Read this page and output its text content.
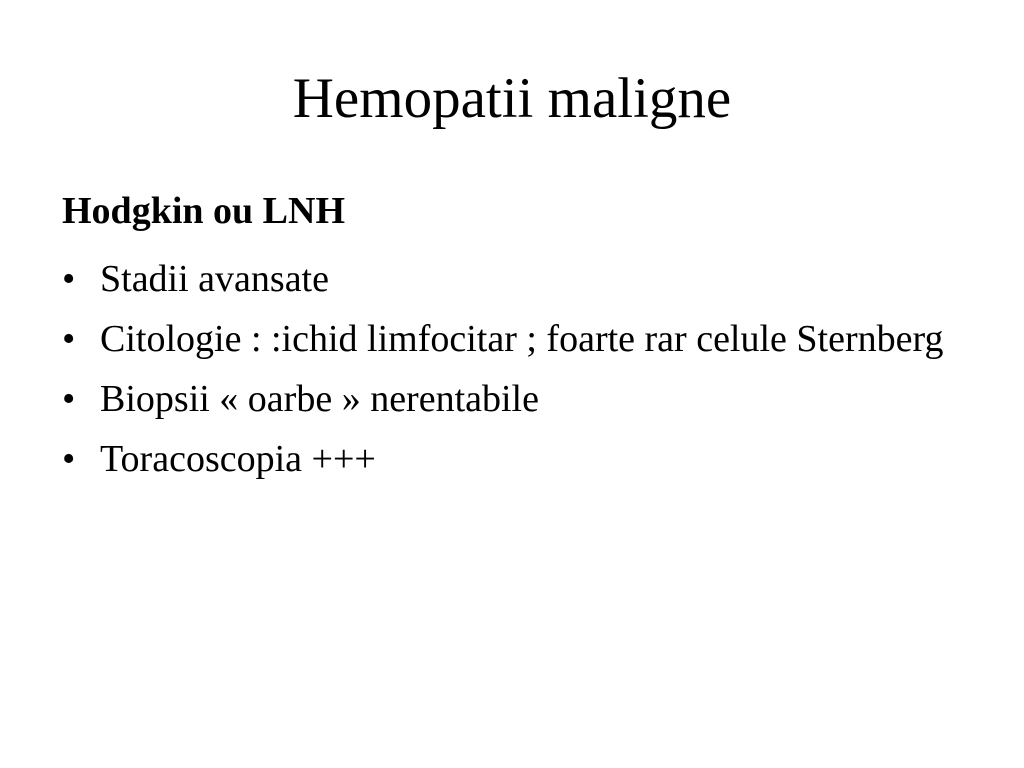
Hemopatii maligne

Hodgkin ou LNH

• Stadii avansate
• Citologie : :ichid limfocitar ; foarte rar celule Sternberg
• Biopsii « oarbe » nerentabile
• Toracoscopia +++
